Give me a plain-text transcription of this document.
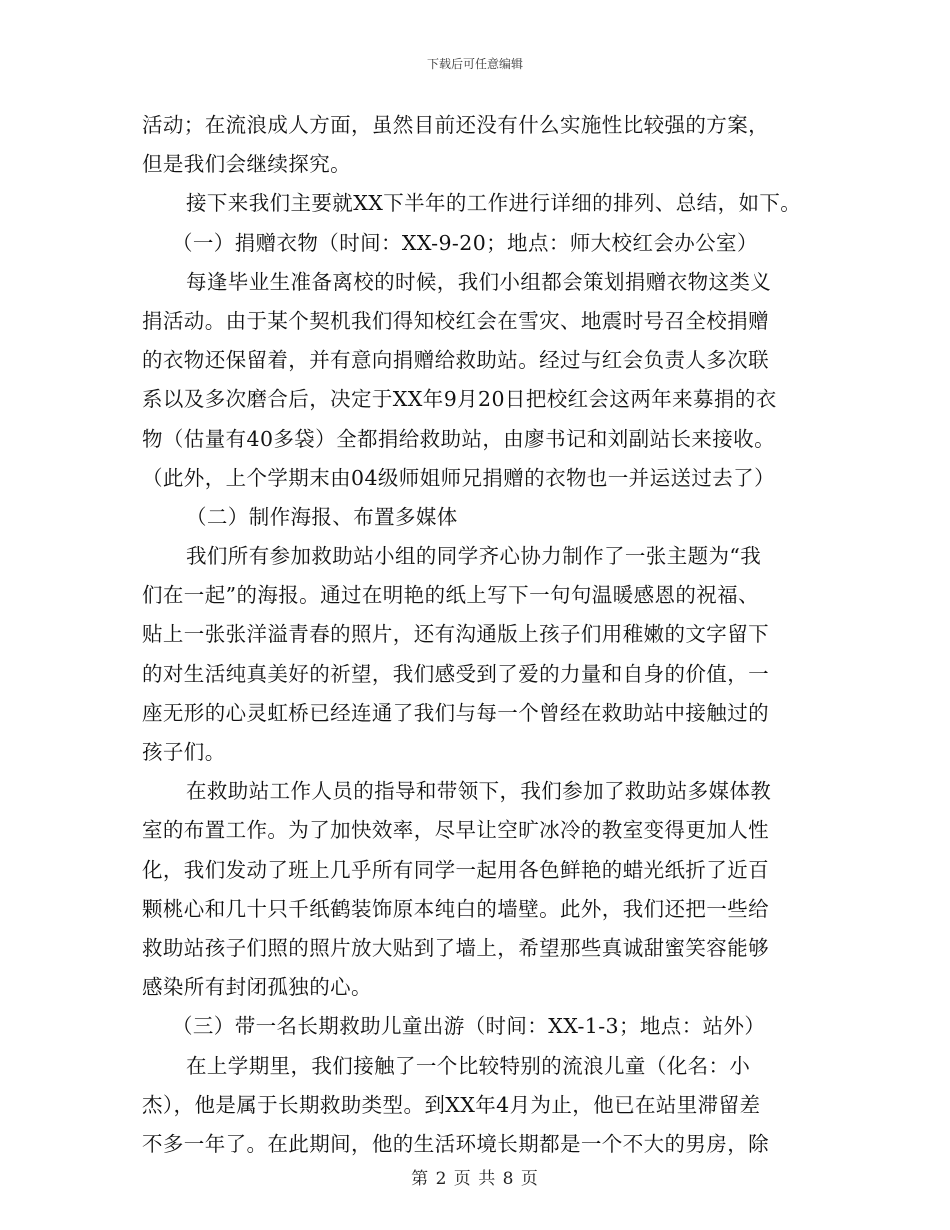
下载后可任意编辑
活动；在流浪成人方面，虽然目前还没有什么实施性比较强的方案，
但是我们会继续探究。
接下来我们主要就XX下半年的工作进行详细的排列、总结，如下。
（一）捐赠衣物（时间：XX-9-20；地点：师大校红会办公室）
每逢毕业生准备离校的时候，我们小组都会策划捐赠衣物这类义
捐活动。由于某个契机我们得知校红会在雪灾、地震时号召全校捐赠
的衣物还保留着，并有意向捐赠给救助站。经过与红会负责人多次联
系以及多次磨合后，决定于XX年9月20日把校红会这两年来募捐的衣
物（估量有40多袋）全都捐给救助站，由廖书记和刘副站长来接收。
（此外，上个学期末由04级师姐师兄捐赠的衣物也一并运送过去了）
（二）制作海报、布置多媒体
我们所有参加救助站小组的同学齐心协力制作了一张主题为“我
们在一起”的海报。通过在明艳的纸上写下一句句温暖感恩的祝福、
贴上一张张洋溢青春的照片，还有沟通版上孩子们用稚嫩的文字留下
的对生活纯真美好的祈望，我们感受到了爱的力量和自身的价值，一
座无形的心灵虹桥已经连通了我们与每一个曾经在救助站中接触过的
孩子们。
在救助站工作人员的指导和带领下，我们参加了救助站多媒体教
室的布置工作。为了加快效率，尽早让空旷冰冷的教室变得更加人性
化，我们发动了班上几乎所有同学一起用各色鲜艳的蜡光纸折了近百
颗桃心和几十只千纸鹤装饰原本纯白的墙壁。此外，我们还把一些给
救助站孩子们照的照片放大贴到了墙上，希望那些真诚甜蜜笑容能够
感染所有封闭孤独的心。
（三）带一名长期救助儿童出游（时间：XX-1-3；地点：站外）
在上学期里，我们接触了一个比较特别的流浪儿童（化名：小
杰），他是属于长期救助类型。到XX年4月为止，他已在站里滞留差
不多一年了。在此期间，他的生活环境长期都是一个不大的男房，除
第 2 页 共 8 页
